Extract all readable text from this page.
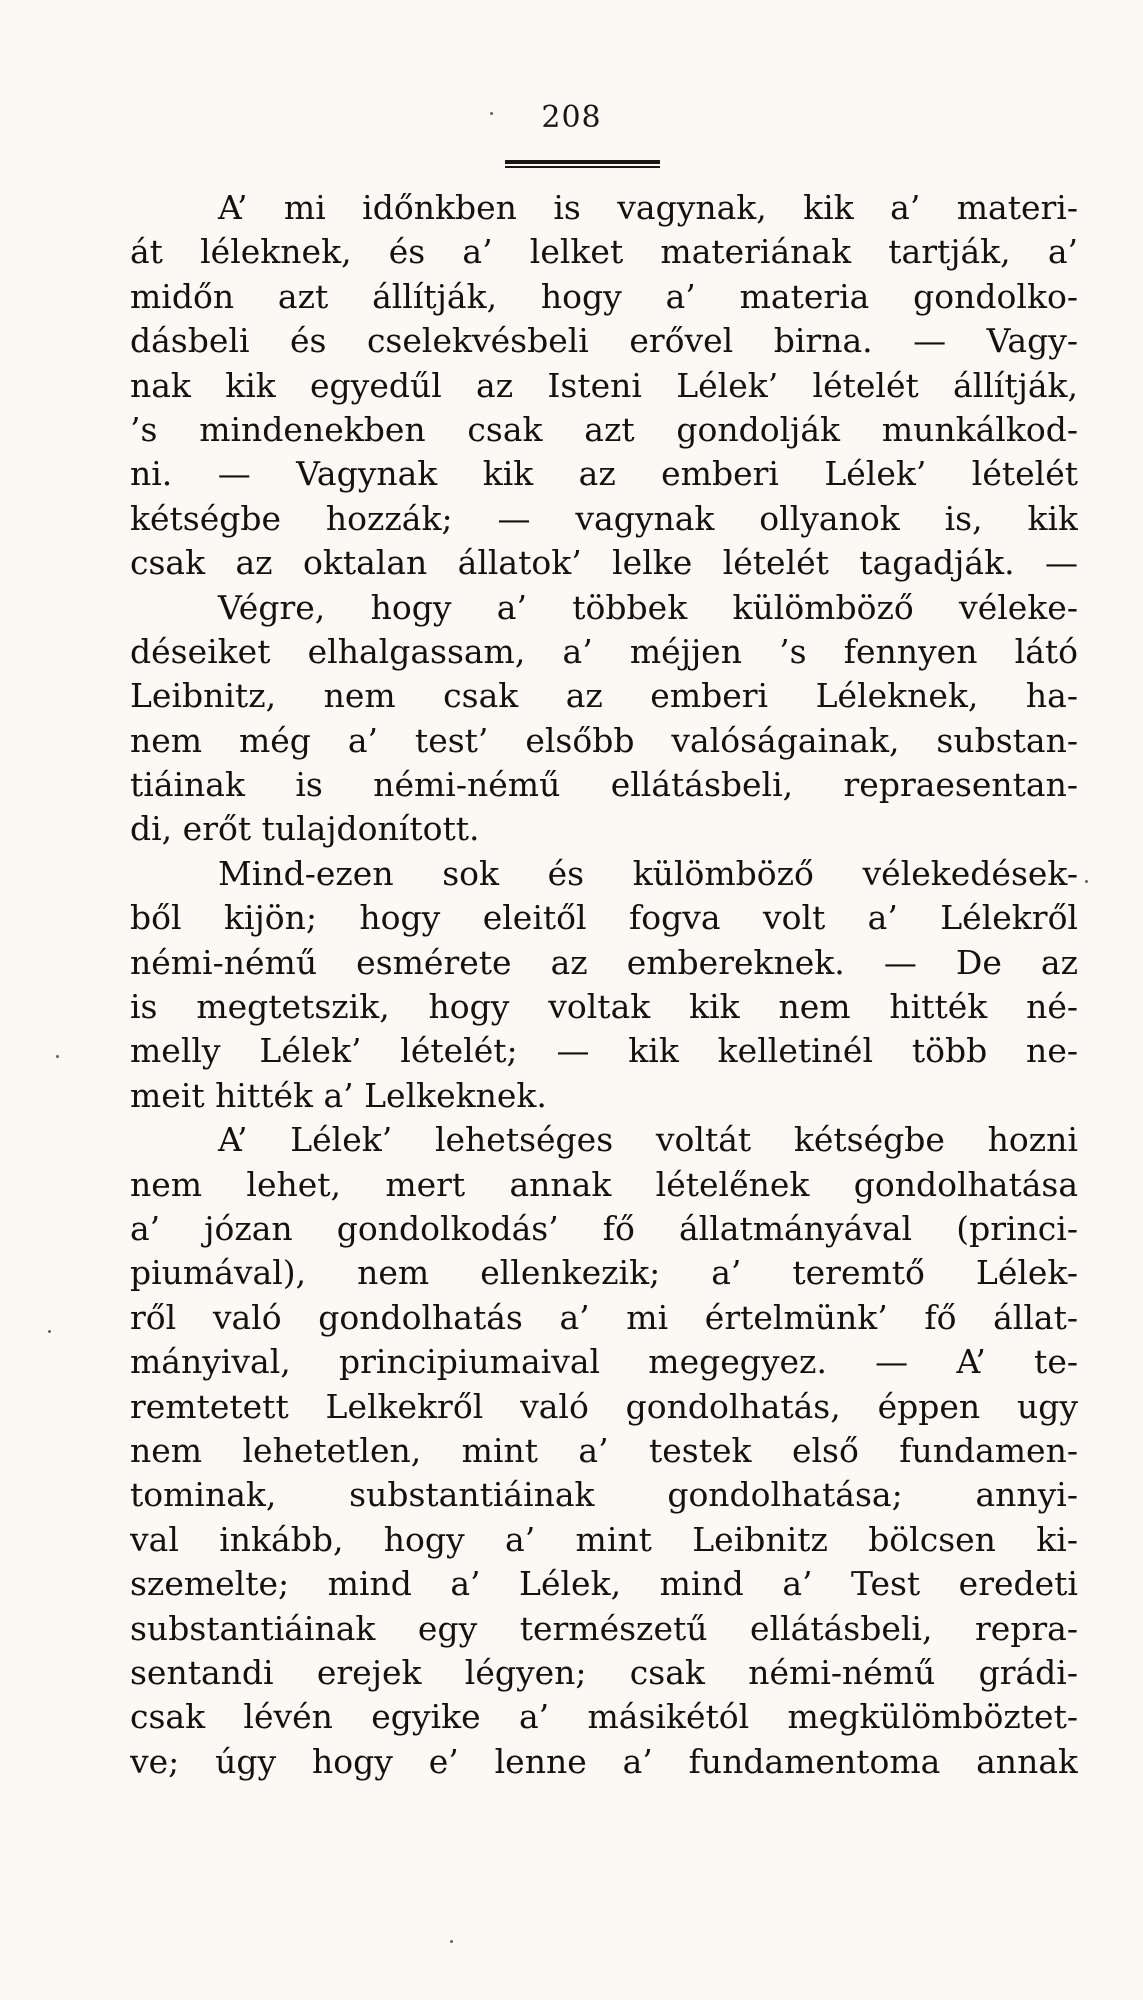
208
A’ mi időnkben is vagynak, kik a’ materi-
át léleknek, és a’ lelket materiának tartják, a’
midőn azt állítják, hogy a’ materia gondolko-
dásbeli és cselekvésbeli erővel birna. — Vagy-
nak kik egyedűl az Isteni Lélek’ lételét állítják,
’s mindenekben csak azt gondolják munkálkod-
ni. — Vagynak kik az emberi Lélek’ lételét
kétségbe hozzák; — vagynak ollyanok is, kik
csak az oktalan állatok’ lelke lételét tagadják. —
Végre, hogy a’ többek külömböző véleke-
déseiket elhalgassam, a’ méjjen ’s fennyen látó
Leibnitz, nem csak az emberi Léleknek, ha-
nem még a’ test’ elsőbb valóságainak, substan-
tiáinak is némi-némű ellátásbeli, repraesentan-
di, erőt tulajdonított.
Mind-ezen sok és külömböző vélekedések-
ből kijön; hogy eleitől fogva volt a’ Lélekről
némi-némű esmérete az embereknek. — De az
is megtetszik, hogy voltak kik nem hitték né-
melly Lélek’ lételét; — kik kelletinél több ne-
meit hitték a’ Lelkeknek.
A’ Lélek’ lehetséges voltát kétségbe hozni
nem lehet, mert annak létele̋nek gondolhatása
a’ józan gondolkodás’ fő állatmányával (princi-
piumával), nem ellenkezik; a’ teremtő Lélek-
ről való gondolhatás a’ mi értelmünk’ fő állat-
mányival, principiumaival megegyez. — A’ te-
remtetett Lelkekről való gondolhatás, éppen ugy
nem lehetetlen, mint a’ testek első fundamen-
tominak, substantiáinak gondolhatása; annyi-
val inkább, hogy a’ mint Leibnitz bölcsen ki-
szemelte; mind a’ Lélek, mind a’ Test eredeti
substantiáinak egy természetű ellátásbeli, repra-
sentandi erejek légyen; csak némi-némű grádi-
csak lévén egyike a’ másikétól megkülömböztet-
ve; úgy hogy e’ lenne a’ fundamentoma annak
